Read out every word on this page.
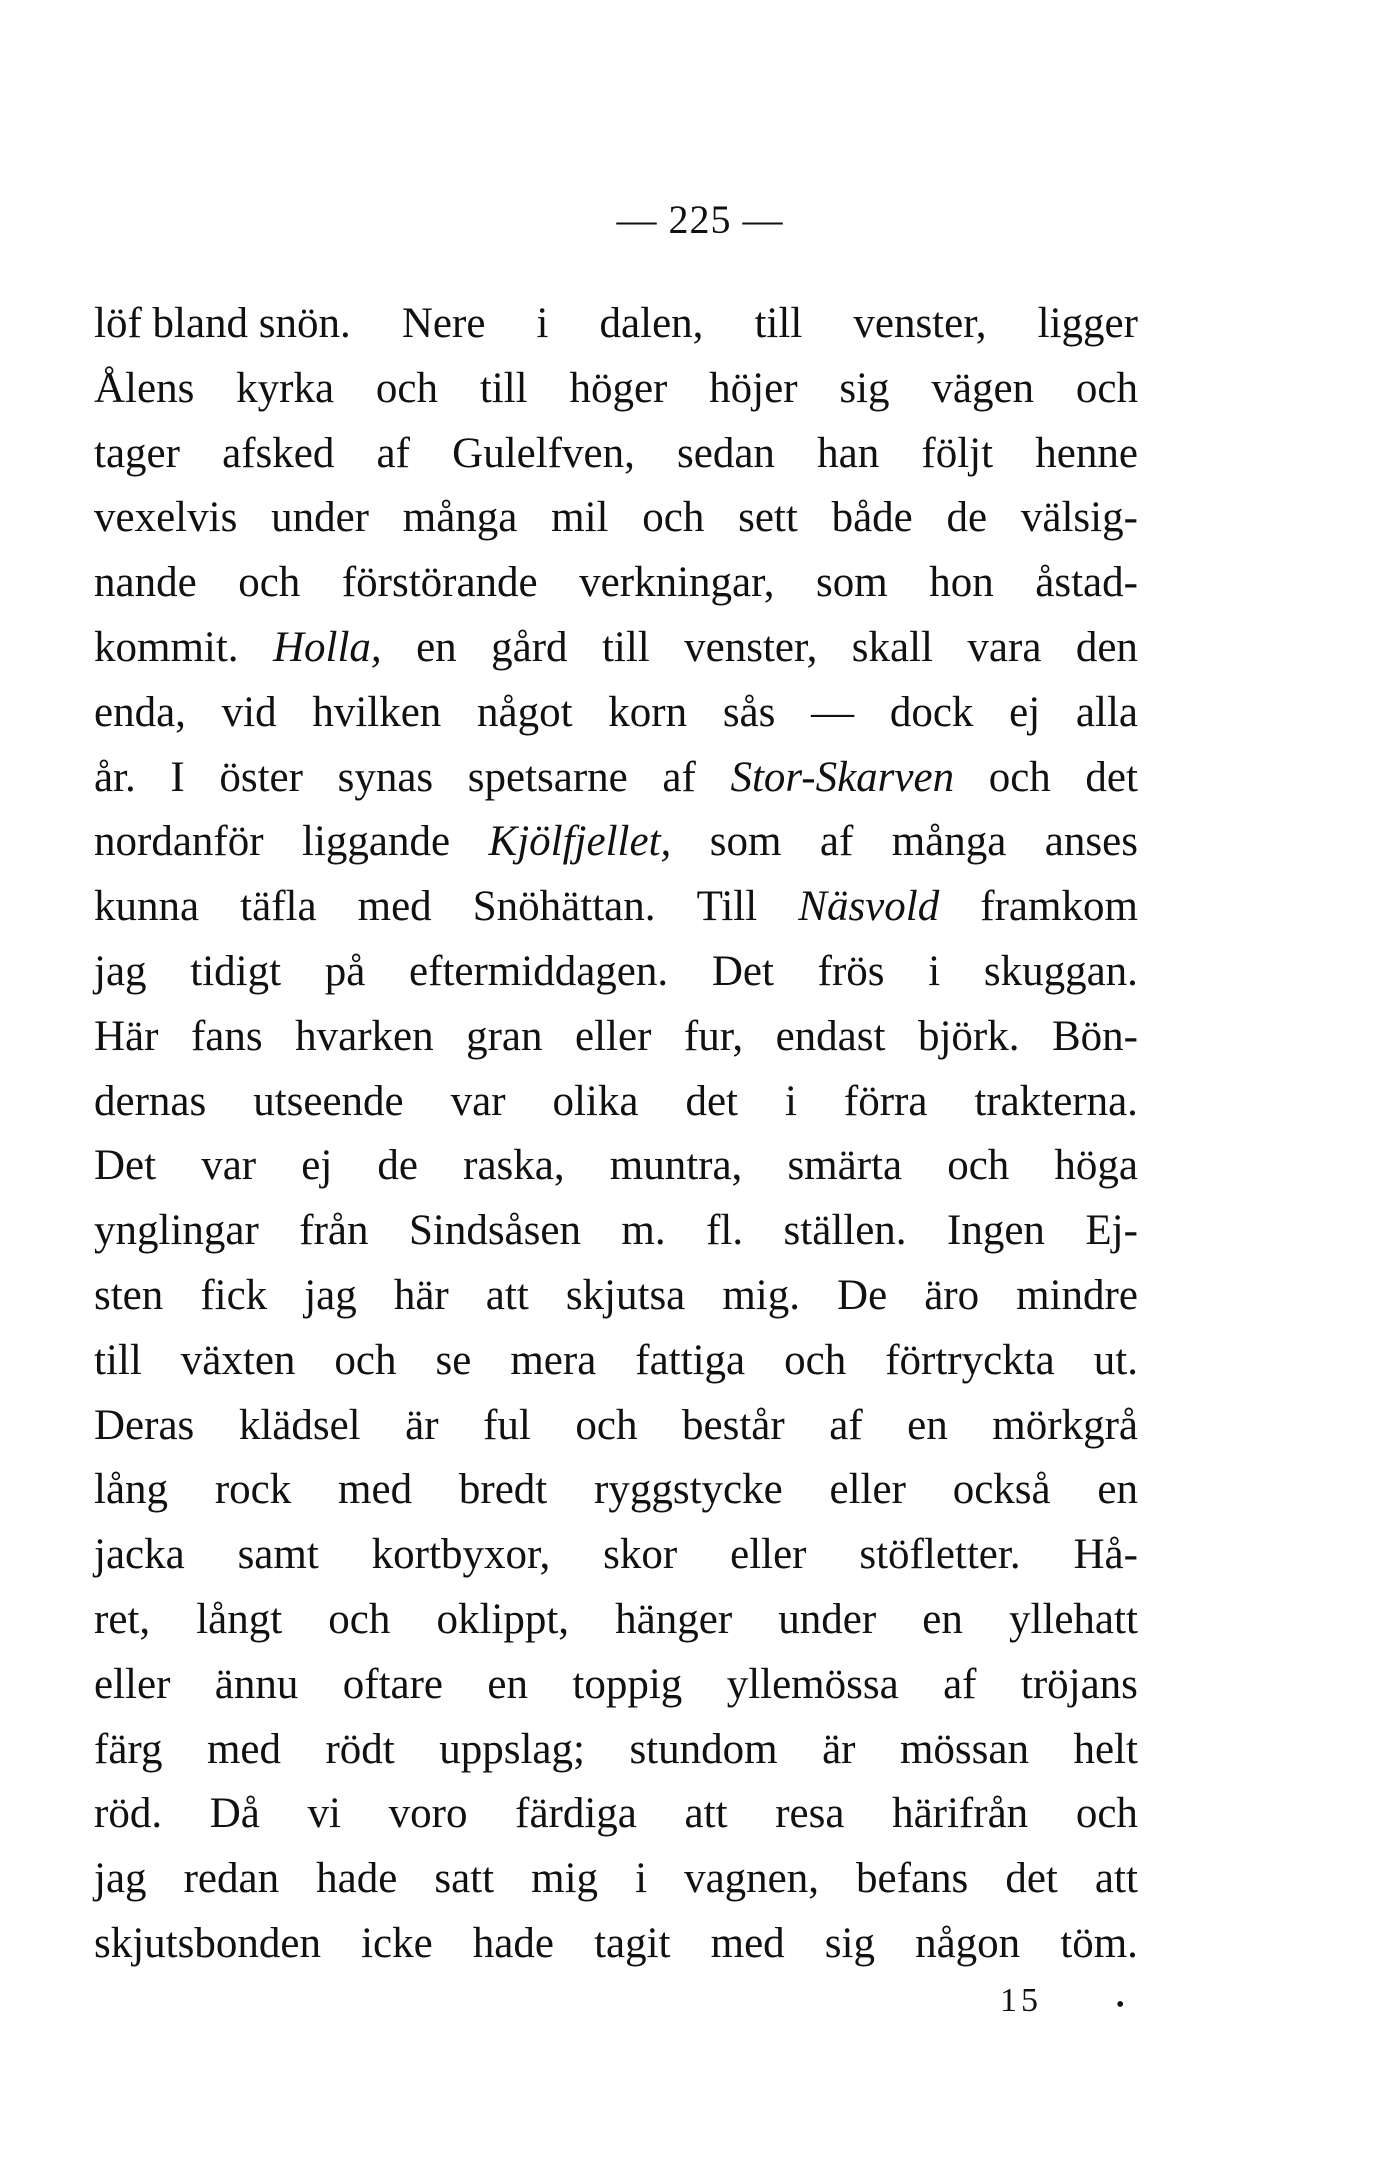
— 225 —
löf bland snön. Nere i dalen, till venster, ligger
Ålens kyrka och till höger höjer sig vägen och
tager afsked af Gulelfven, sedan han följt henne
vexelvis under många mil och sett både de välsig-
nande och förstörande verkningar, som hon åstad-
kommit. Holla, en gård till venster, skall vara den
enda, vid hvilken något korn sås — dock ej alla
år. I öster synas spetsarne af Stor-Skarven och det
nordanför liggande Kjölfjellet, som af många anses
kunna täfla med Snöhättan. Till Näsvold framkom
jag tidigt på eftermiddagen. Det frös i skuggan.
Här fans hvarken gran eller fur, endast björk. Bön-
dernas utseende var olika det i förra trakterna.
Det var ej de raska, muntra, smärta och höga
ynglingar från Sindsåsen m. fl. ställen. Ingen Ej-
sten fick jag här att skjutsa mig. De äro mindre
till växten och se mera fattiga och förtryckta ut.
Deras klädsel är ful och består af en mörkgrå
lång rock med bredt ryggstycke eller också en
jacka samt kortbyxor, skor eller stöfletter. Hå-
ret, långt och oklippt, hänger under en yllehatt
eller ännu oftare en toppig yllemössa af tröjans
färg med rödt uppslag; stundom är mössan helt
röd. Då vi voro färdiga att resa härifrån och
jag redan hade satt mig i vagnen, befans det att
skjutsbonden icke hade tagit med sig någon töm.
15	•
